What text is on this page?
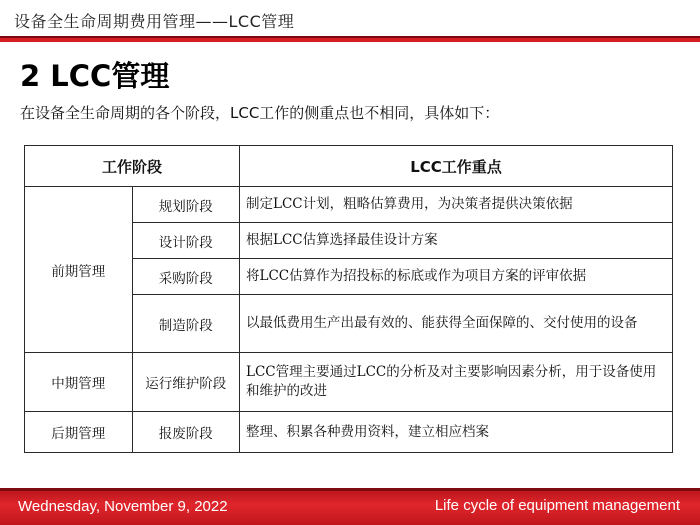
设备全生命周期费用管理——LCC管理
2 LCC管理
在设备全生命周期的各个阶段，LCC工作的侧重点也不相同，具体如下：
工作阶段		LCC工作重点
前期管理	规划阶段	制定LCC计划，粗略估算费用，为决策者提供决策依据
	设计阶段	根据LCC估算选择最佳设计方案
	采购阶段	将LCC估算作为招投标的标底或作为项目方案的评审依据
	制造阶段	以最低费用生产出最有效的、能获得全面保障的、交付使用的设备
中期管理	运行维护阶段	LCC管理主要通过LCC的分析及对主要影响因素分析，用于设备使用和维护的改进
后期管理	报废阶段	整理、积累各种费用资料，建立相应档案
Wednesday, November 9, 2022	Life cycle of equipment management
